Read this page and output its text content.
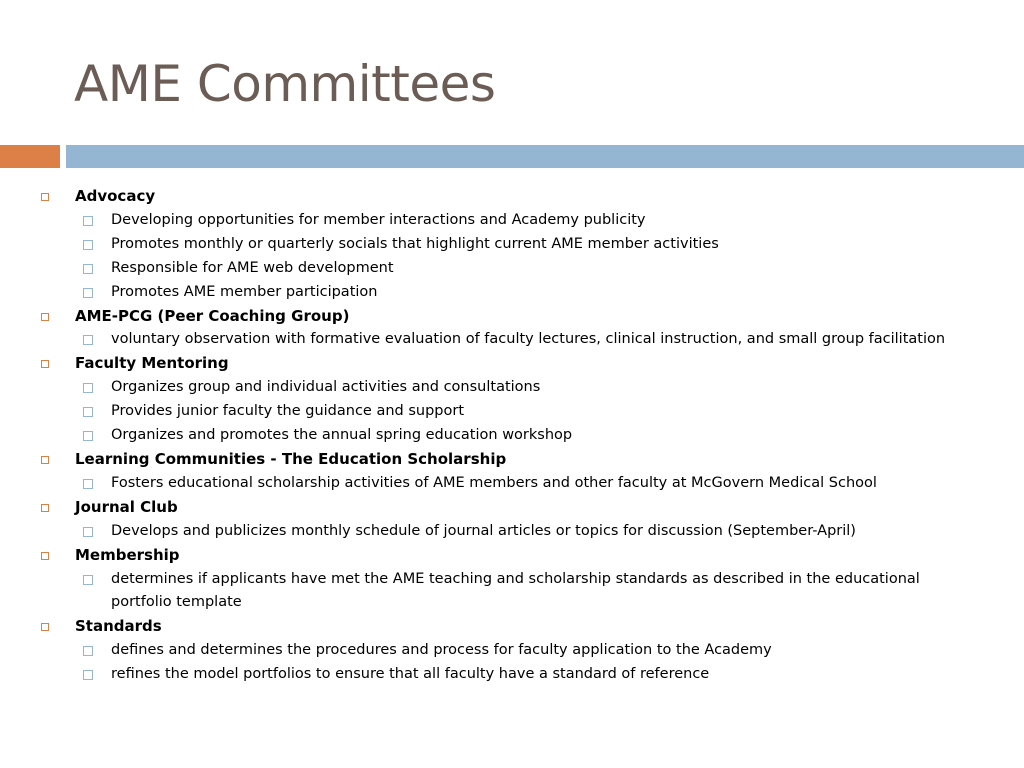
AME Committees
Advocacy
Developing opportunities for member interactions and Academy publicity
Promotes monthly or quarterly socials that highlight current AME member activities
Responsible for AME web development
Promotes AME member participation
AME-PCG (Peer Coaching Group)
voluntary observation with formative evaluation of faculty lectures, clinical instruction, and small group facilitation
Faculty Mentoring
Organizes group and individual activities and consultations
Provides junior faculty the guidance and support
Organizes and promotes the annual spring education workshop
Learning Communities - The Education Scholarship
Fosters educational scholarship activities of AME members and other faculty at McGovern Medical School
Journal Club
Develops and publicizes monthly schedule of journal articles or topics for discussion (September-April)
Membership
determines if applicants have met the AME teaching and scholarship standards as described in the educational portfolio template
Standards
defines and determines the procedures and process for faculty application to the Academy
refines the model portfolios to ensure that all faculty have a standard of reference
